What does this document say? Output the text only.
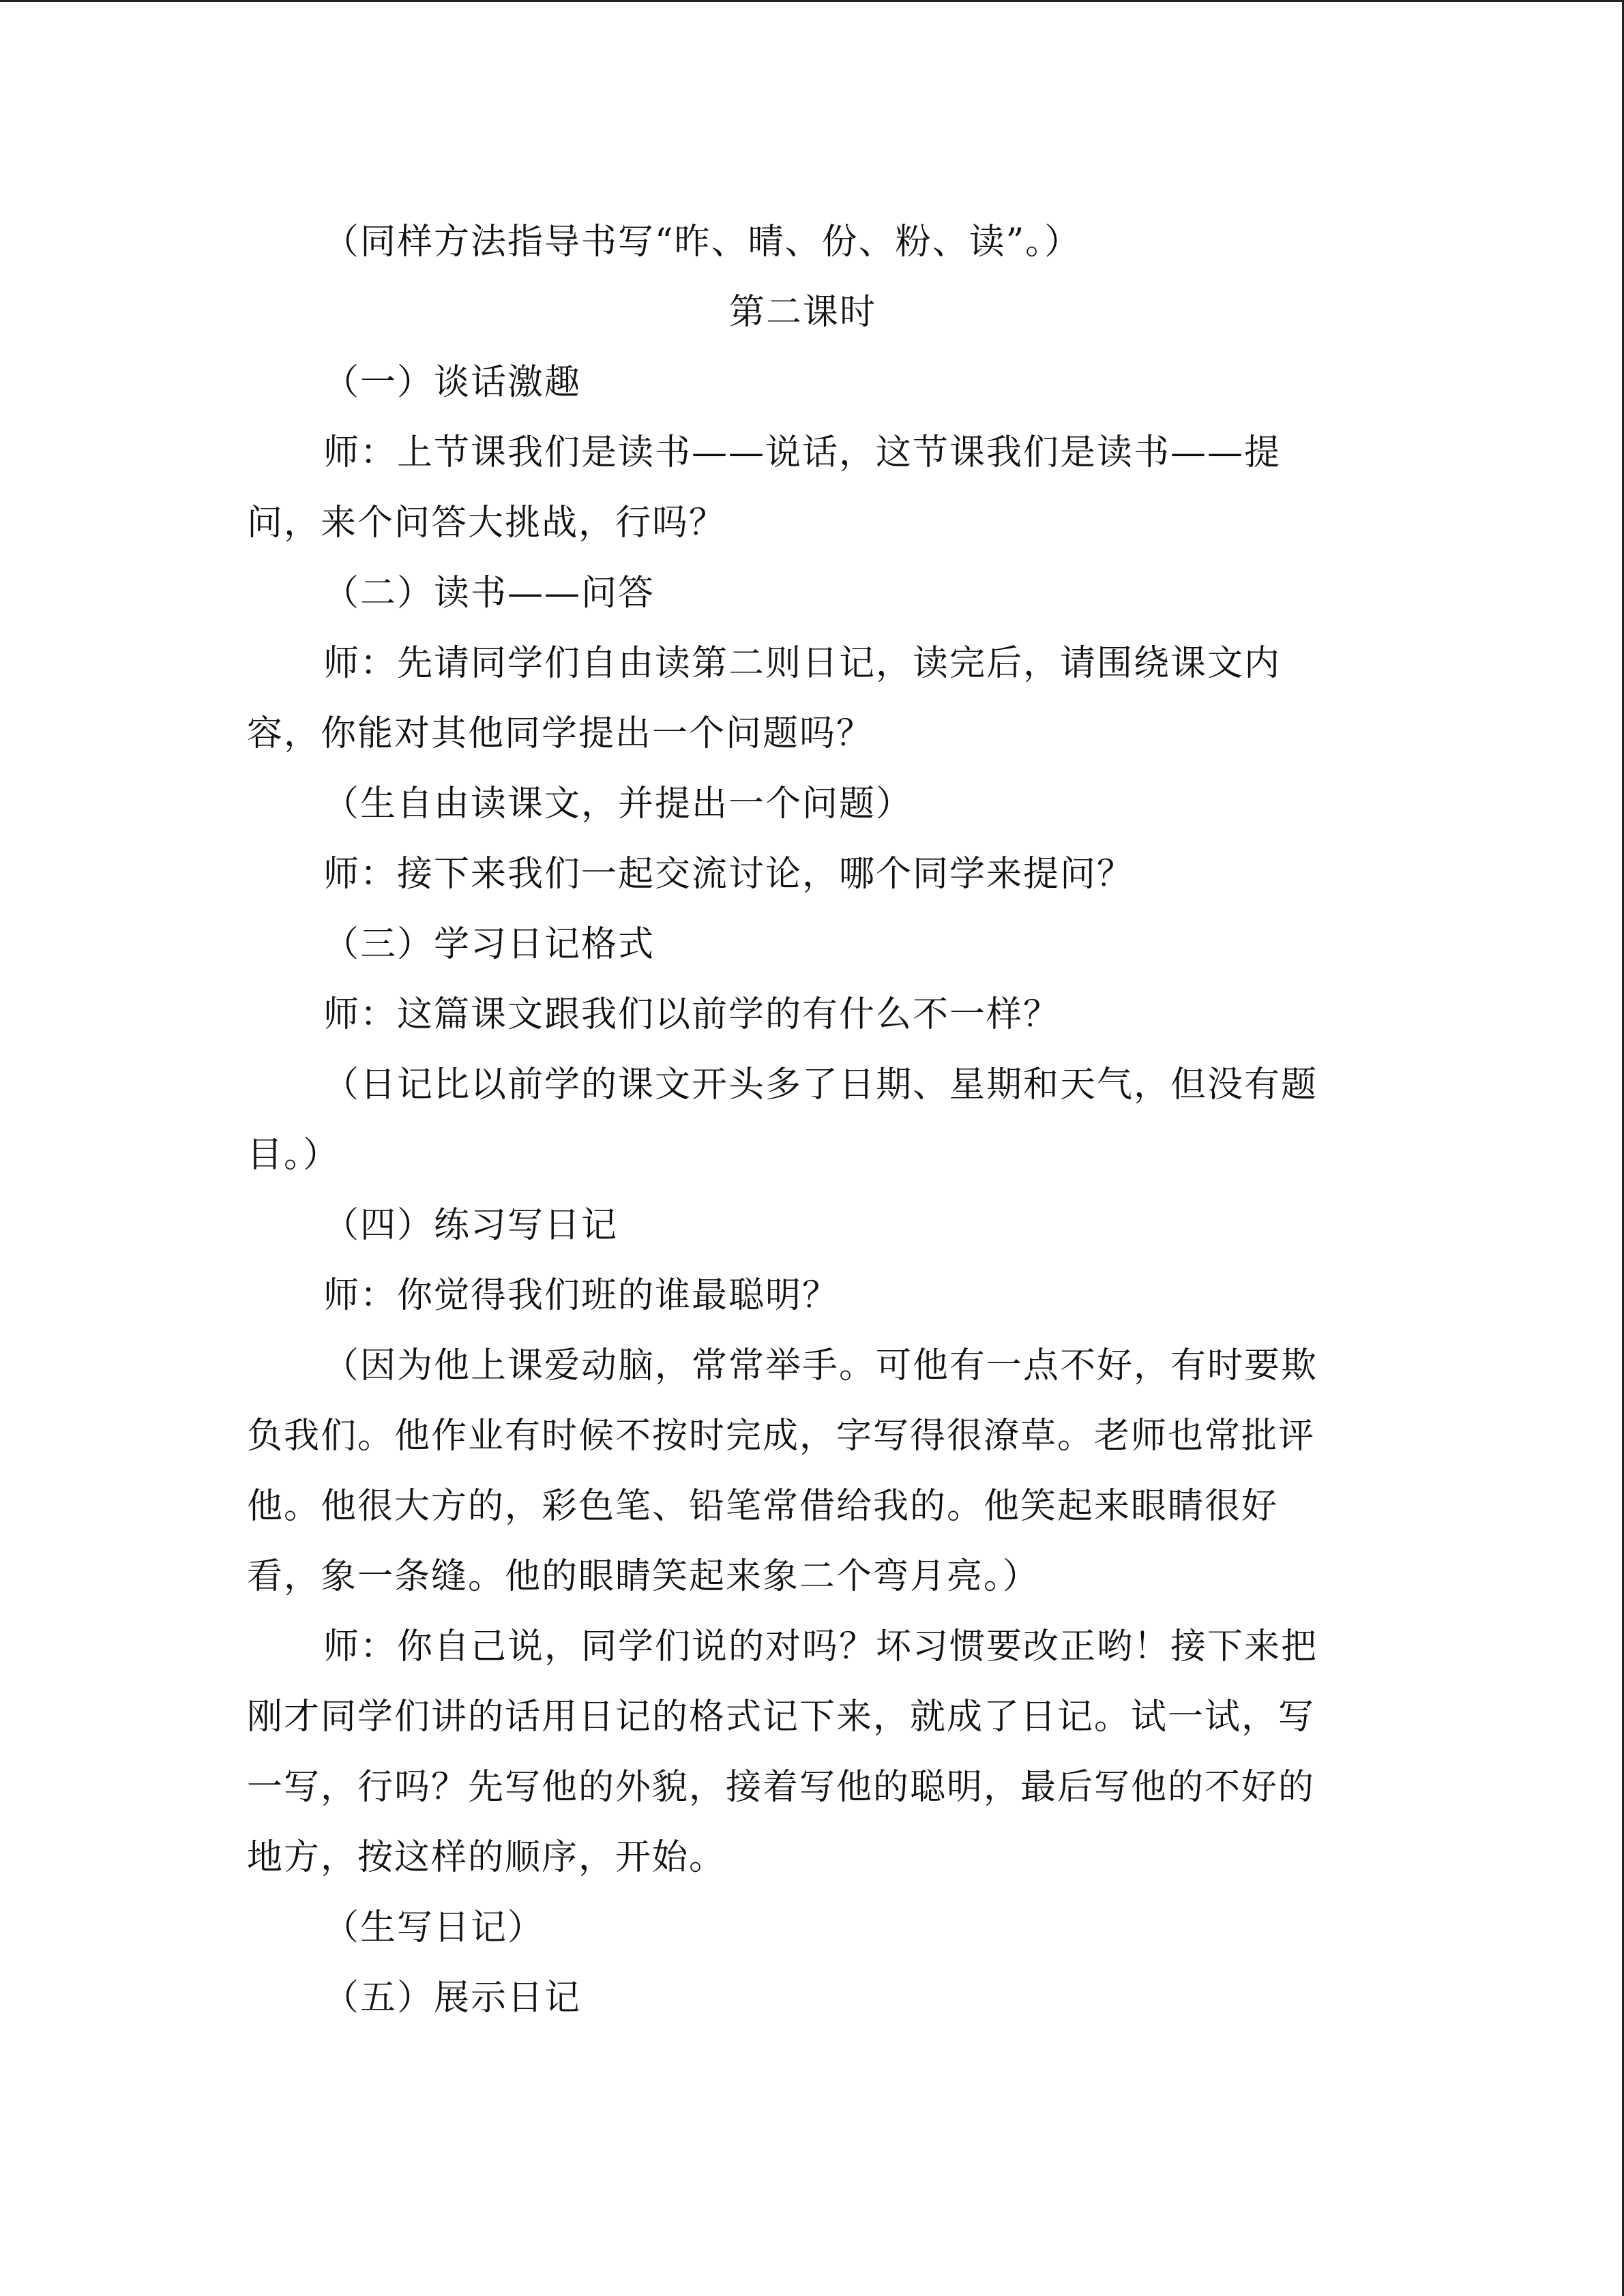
（同样方法指导书写“昨、晴、份、粉、读”。）
第二课时
（一）谈话激趣
师：上节课我们是读书——说话，这节课我们是读书——提
问，来个问答大挑战，行吗？
（二）读书——问答
师：先请同学们自由读第二则日记，读完后，请围绕课文内
容，你能对其他同学提出一个问题吗？
（生自由读课文，并提出一个问题）
师：接下来我们一起交流讨论，哪个同学来提问？
（三）学习日记格式
师：这篇课文跟我们以前学的有什么不一样？
（日记比以前学的课文开头多了日期、星期和天气，但没有题
目。）
（四）练习写日记
师：你觉得我们班的谁最聪明？
（因为他上课爱动脑，常常举手。可他有一点不好，有时要欺
负我们。他作业有时候不按时完成，字写得很潦草。老师也常批评
他。他很大方的，彩色笔、铅笔常借给我的。他笑起来眼睛很好
看，象一条缝。他的眼睛笑起来象二个弯月亮。）
师：你自己说，同学们说的对吗？坏习惯要改正哟！接下来把
刚才同学们讲的话用日记的格式记下来，就成了日记。试一试，写
一写，行吗？先写他的外貌，接着写他的聪明，最后写他的不好的
地方，按这样的顺序，开始。
（生写日记）
（五）展示日记
